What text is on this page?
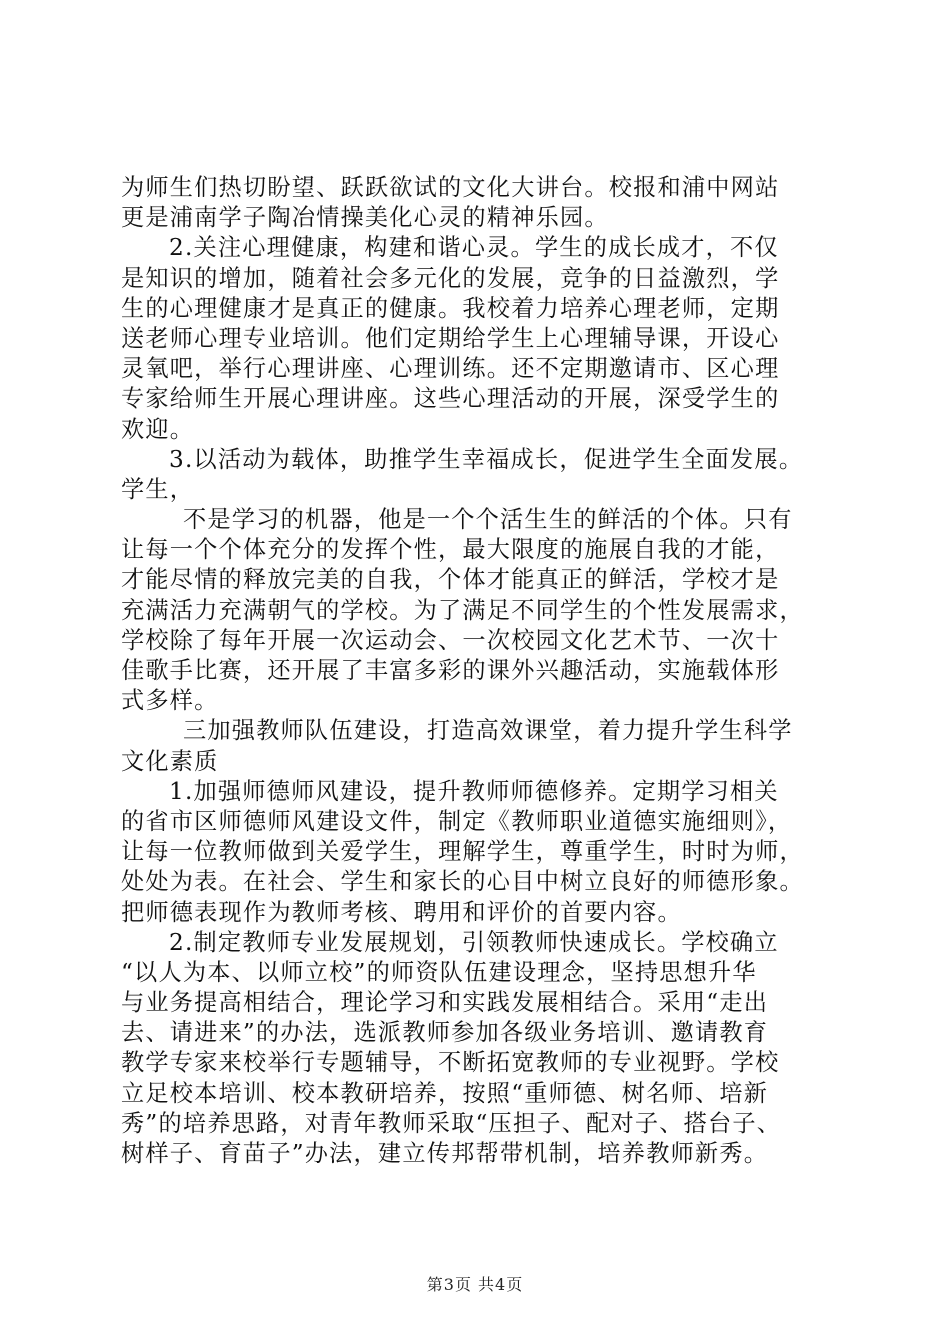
为师生们热切盼望、跃跃欲试的文化大讲台。校报和浦中网站
更是浦南学子陶冶情操美化心灵的精神乐园。
2.关注心理健康，构建和谐心灵。学生的成长成才，不仅
是知识的增加，随着社会多元化的发展，竞争的日益激烈，学
生的心理健康才是真正的健康。我校着力培养心理老师，定期
送老师心理专业培训。他们定期给学生上心理辅导课，开设心
灵氧吧，举行心理讲座、心理训练。还不定期邀请市、区心理
专家给师生开展心理讲座。这些心理活动的开展，深受学生的
欢迎。
3.以活动为载体，助推学生幸福成长，促进学生全面发展。
学生，
不是学习的机器，他是一个个活生生的鲜活的个体。只有
让每一个个体充分的发挥个性，最大限度的施展自我的才能，
才能尽情的释放完美的自我，个体才能真正的鲜活，学校才是
充满活力充满朝气的学校。为了满足不同学生的个性发展需求，
学校除了每年开展一次运动会、一次校园文化艺术节、一次十
佳歌手比赛，还开展了丰富多彩的课外兴趣活动，实施载体形
式多样。
三加强教师队伍建设，打造高效课堂，着力提升学生科学
文化素质
1.加强师德师风建设，提升教师师德修养。定期学习相关
的省市区师德师风建设文件，制定《教师职业道德实施细则》，
让每一位教师做到关爱学生，理解学生，尊重学生，时时为师，
处处为表。在社会、学生和家长的心目中树立良好的师德形象。
把师德表现作为教师考核、聘用和评价的首要内容。
2.制定教师专业发展规划，引领教师快速成长。学校确立
“以人为本、以师立校”的师资队伍建设理念，坚持思想升华
与业务提高相结合，理论学习和实践发展相结合。采用“走出
去、请进来”的办法，选派教师参加各级业务培训、邀请教育
教学专家来校举行专题辅导，不断拓宽教师的专业视野。学校
立足校本培训、校本教研培养，按照“重师德、树名师、培新
秀”的培养思路，对青年教师采取“压担子、配对子、搭台子、
树样子、育苗子”办法，建立传邦帮带机制，培养教师新秀。
第3页 共4页
